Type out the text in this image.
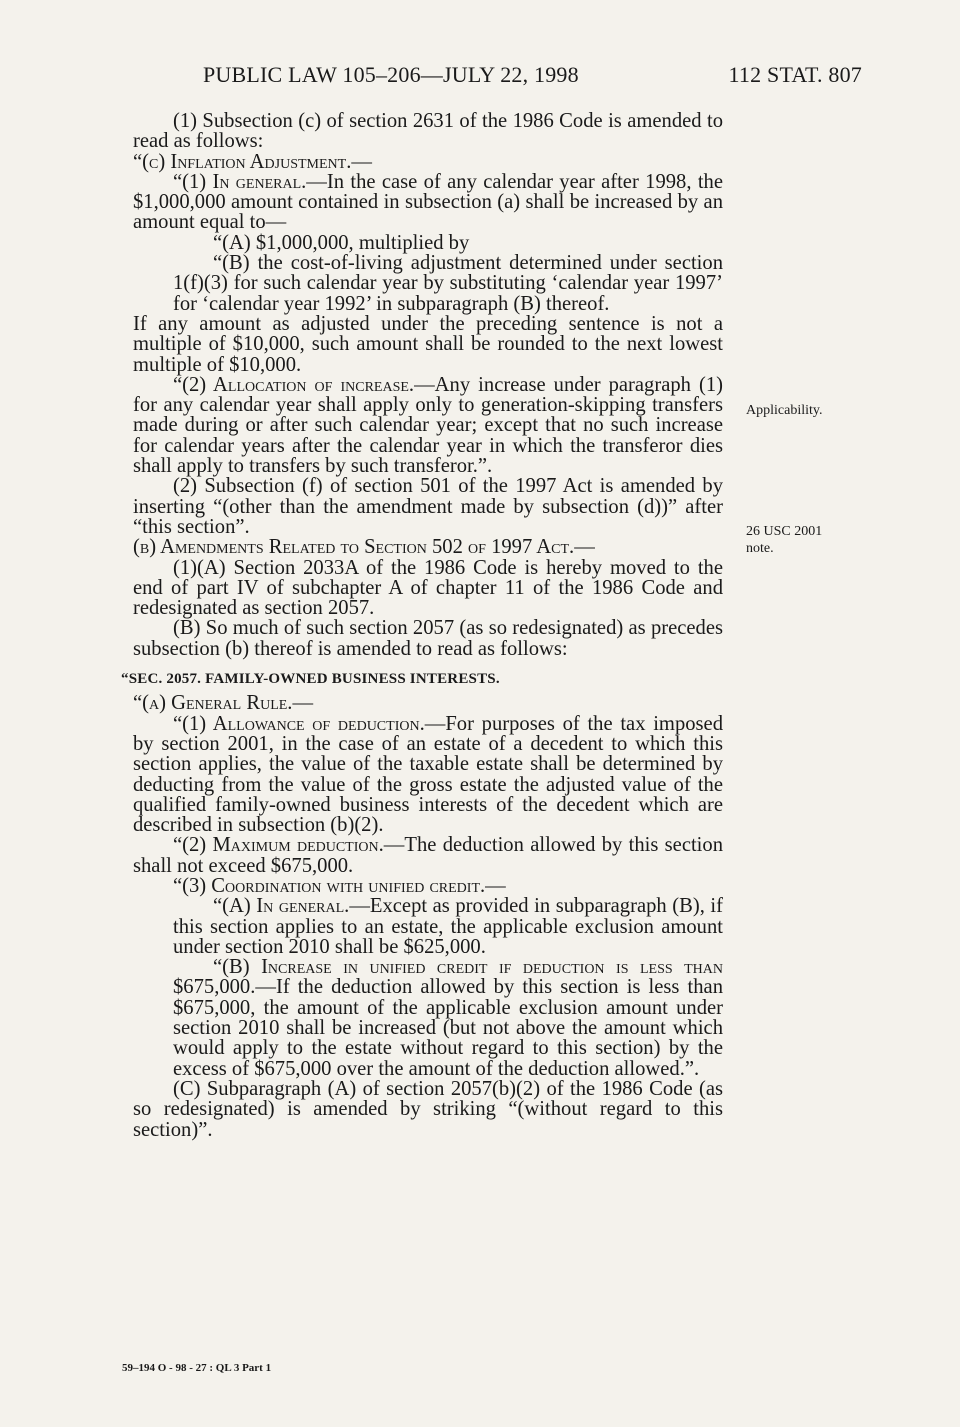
PUBLIC LAW 105–206—JULY 22, 1998	112 STAT. 807

(1) Subsection (c) of section 2631 of the 1986 Code is amended to read as follows:

“(c) Inflation Adjustment.—

“(1) In general.—In the case of any calendar year after 1998, the $1,000,000 amount contained in subsection (a) shall be increased by an amount equal to—

“(A) $1,000,000, multiplied by

“(B) the cost-of-living adjustment determined under section 1(f)(3) for such calendar year by substituting ‘calendar year 1997’ for ‘calendar year 1992’ in subparagraph (B) thereof.

If any amount as adjusted under the preceding sentence is not a multiple of $10,000, such amount shall be rounded to the next lowest multiple of $10,000.

“(2) Allocation of increase.—Any increase under paragraph (1) for any calendar year shall apply only to generation-skipping transfers made during or after such calendar year; except that no such increase for calendar years after the calendar year in which the transferor dies shall apply to transfers by such transferor.”.

(2) Subsection (f) of section 501 of the 1997 Act is amended by inserting “(other than the amendment made by subsection (d))” after “this section”.

(b) Amendments Related to Section 502 of 1997 Act.—

(1)(A) Section 2033A of the 1986 Code is hereby moved to the end of part IV of subchapter A of chapter 11 of the 1986 Code and redesignated as section 2057.

(B) So much of such section 2057 (as so redesignated) as precedes subsection (b) thereof is amended to read as follows:

“SEC. 2057. FAMILY-OWNED BUSINESS INTERESTS.

“(a) General Rule.—

“(1) Allowance of deduction.—For purposes of the tax imposed by section 2001, in the case of an estate of a decedent to which this section applies, the value of the taxable estate shall be determined by deducting from the value of the gross estate the adjusted value of the qualified family-owned business interests of the decedent which are described in subsection (b)(2).

“(2) Maximum deduction.—The deduction allowed by this section shall not exceed $675,000.

“(3) Coordination with unified credit.—

“(A) In general.—Except as provided in subparagraph (B), if this section applies to an estate, the applicable exclusion amount under section 2010 shall be $625,000.

“(B) Increase in unified credit if deduction is less than $675,000.—If the deduction allowed by this section is less than $675,000, the amount of the applicable exclusion amount under section 2010 shall be increased (but not above the amount which would apply to the estate without regard to this section) by the excess of $675,000 over the amount of the deduction allowed.”.

(C) Subparagraph (A) of section 2057(b)(2) of the 1986 Code (as so redesignated) is amended by striking “(without regard to this section)”.

Applicability.
26 USC 2001
note.
59–194 O - 98 - 27 : QL 3 Part 1
